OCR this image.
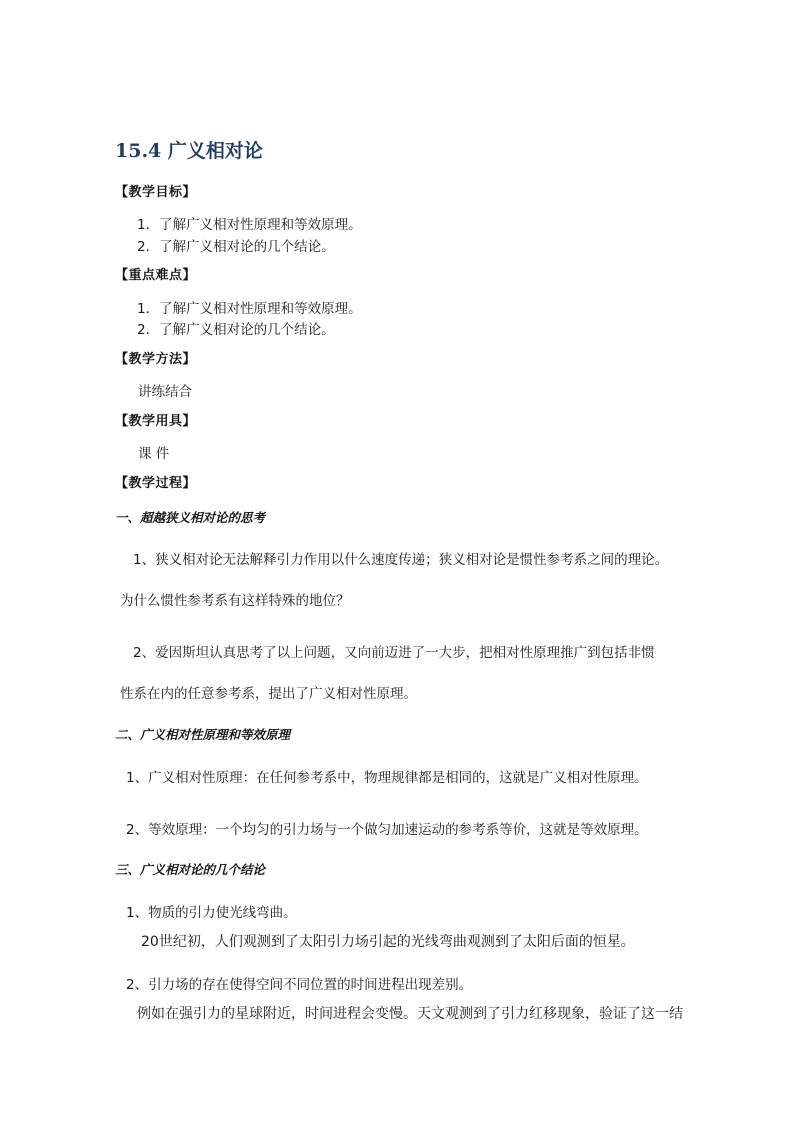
15.4 广义相对论
【教学目标】
1．了解广义相对性原理和等效原理。
2．了解广义相对论的几个结论。
【重点难点】
1．了解广义相对性原理和等效原理。
2．了解广义相对论的几个结论。
【教学方法】
讲练结合
【教学用具】
课 件
【教学过程】
一、超越狭义相对论的思考
1、狭义相对论无法解释引力作用以什么速度传递；狭义相对论是惯性参考系之间的理论。
为什么惯性参考系有这样特殊的地位？
2、爱因斯坦认真思考了以上问题，又向前迈进了一大步，把相对性原理推广到包括非惯
性系在内的任意参考系，提出了广义相对性原理。
二、广义相对性原理和等效原理
1、广义相对性原理：在任何参考系中，物理规律都是相同的，这就是广义相对性原理。
2、等效原理：一个均匀的引力场与一个做匀加速运动的参考系等价，这就是等效原理。
三、广义相对论的几个结论
1、物质的引力使光线弯曲。
20世纪初，人们观测到了太阳引力场引起的光线弯曲观测到了太阳后面的恒星。
2、引力场的存在使得空间不同位置的时间进程出现差别。
例如在强引力的星球附近，时间进程会变慢。天文观测到了引力红移现象，验证了这一结
